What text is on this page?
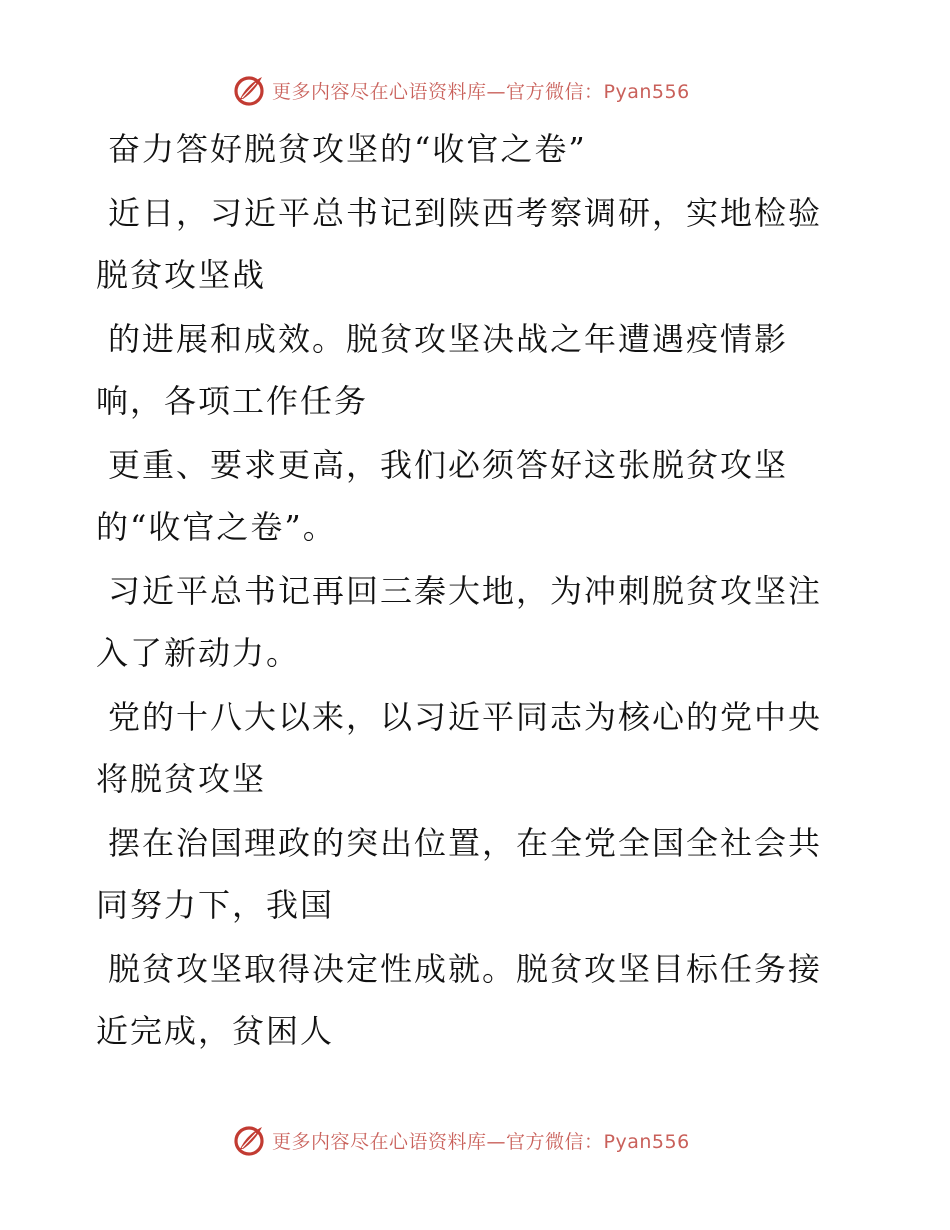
更多内容尽在心语资料库—官方微信：Pyan556

奋力答好脱贫攻坚的“收官之卷”

近日，习近平总书记到陕西考察调研，实地检验脱贫攻坚战

的进展和成效。脱贫攻坚决战之年遭遇疫情影响，各项工作任务

更重、要求更高，我们必须答好这张脱贫攻坚的“收官之卷”。

习近平总书记再回三秦大地，为冲刺脱贫攻坚注入了新动力。

党的十八大以来，以习近平同志为核心的党中央将脱贫攻坚

摆在治国理政的突出位置，在全党全国全社会共同努力下，我国

脱贫攻坚取得决定性成就。脱贫攻坚目标任务接近完成，贫困人

更多内容尽在心语资料库—官方微信：Pyan556
